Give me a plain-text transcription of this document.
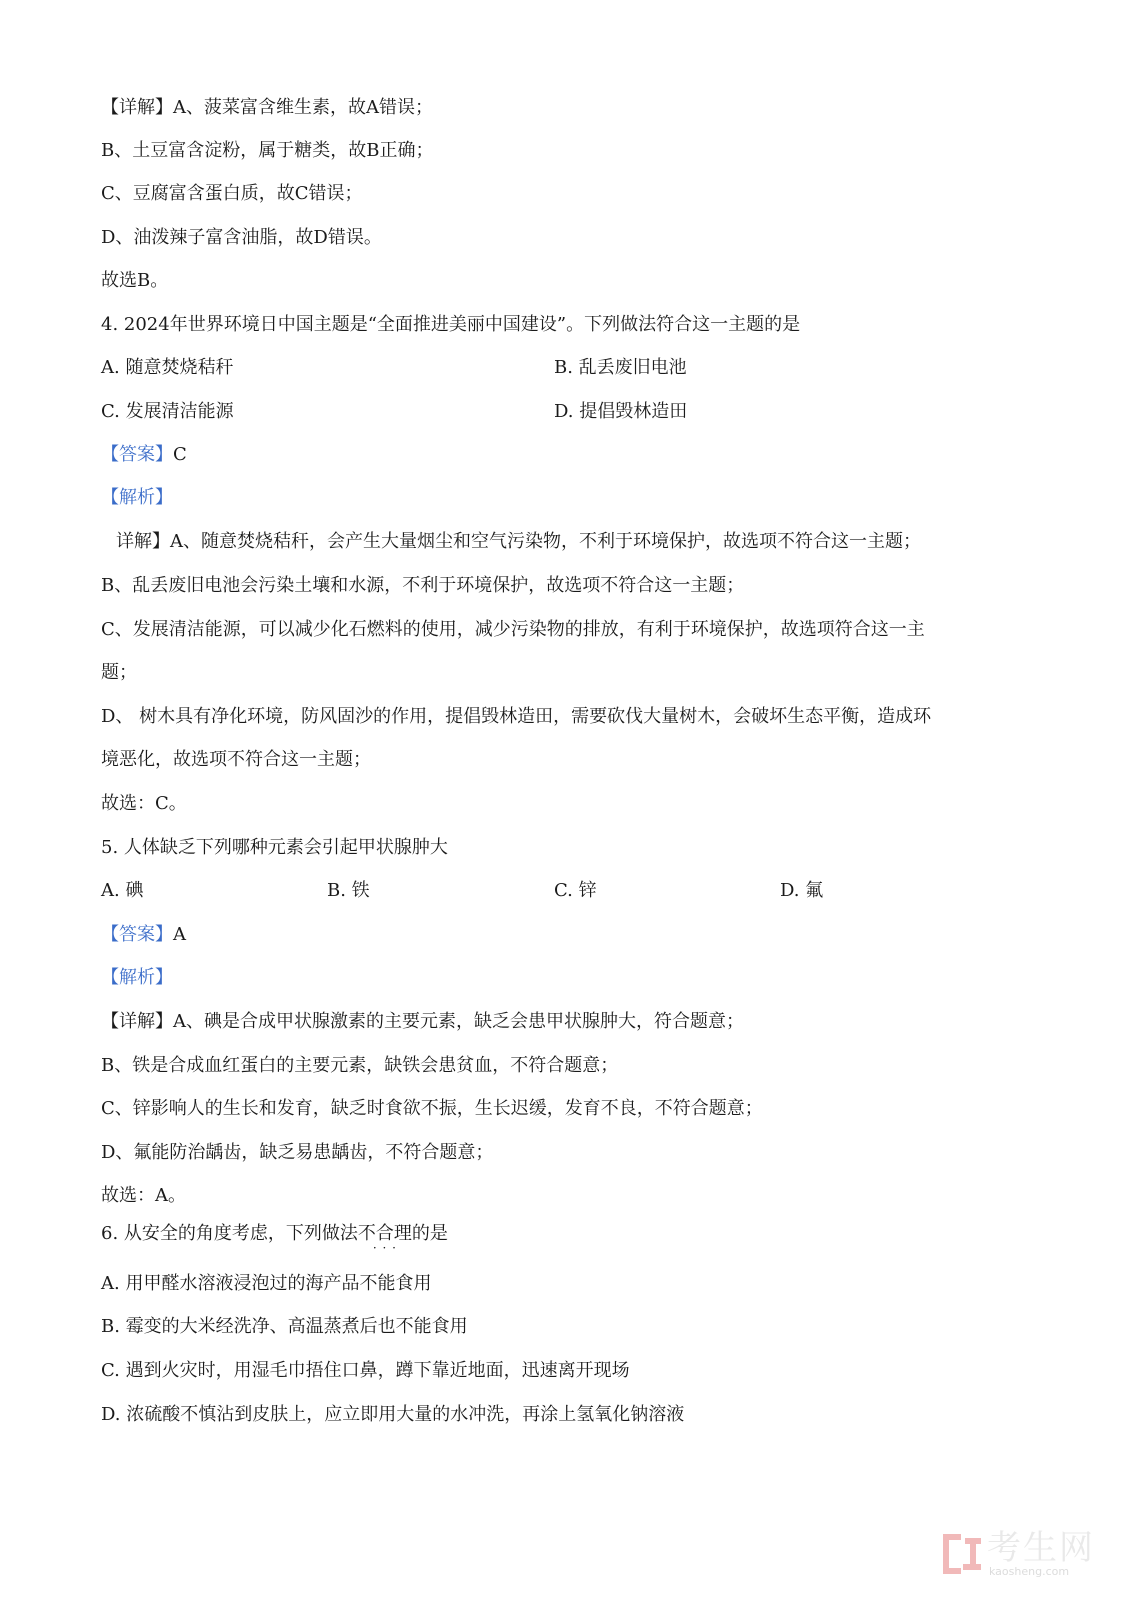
【详解】A、菠菜富含维生素，故A错误；
B、土豆富含淀粉，属于糖类，故B正确；
C、豆腐富含蛋白质，故C错误；
D、油泼辣子富含油脂，故D错误。
故选B。
4. 2024年世界环境日中国主题是“全面推进美丽中国建设”。下列做法符合这一主题的是
A. 随意焚烧秸秆	B. 乱丢废旧电池
C. 发展清洁能源	D. 提倡毁林造田
【答案】C
【解析】
详解】A、随意焚烧秸秆，会产生大量烟尘和空气污染物，不利于环境保护，故选项不符合这一主题；
B、乱丢废旧电池会污染土壤和水源，不利于环境保护，故选项不符合这一主题；
C、发展清洁能源，可以减少化石燃料的使用，减少污染物的排放，有利于环境保护，故选项符合这一主
题；
D、 树木具有净化环境，防风固沙的作用，提倡毁林造田，需要砍伐大量树木，会破坏生态平衡，造成环
境恶化，故选项不符合这一主题；
故选：C。
5. 人体缺乏下列哪种元素会引起甲状腺肿大
A. 碘	B. 铁	C. 锌	D. 氟
【答案】A
【解析】
【详解】A、碘是合成甲状腺激素的主要元素，缺乏会患甲状腺肿大，符合题意；
B、铁是合成血红蛋白的主要元素，缺铁会患贫血，不符合题意；
C、锌影响人的生长和发育，缺乏时食欲不振，生长迟缓，发育不良，不符合题意；
D、氟能防治龋齿，缺乏易患龋齿，不符合题意；
故选：A。
6. 从安全的角度考虑，下列做法不合理 · · ·的是
A. 用甲醛水溶液浸泡过的海产品不能食用
B. 霉变的大米经洗净、高温蒸煮后也不能食用
C. 遇到火灾时，用湿毛巾捂住口鼻，蹲下靠近地面，迅速离开现场
D. 浓硫酸不慎沾到皮肤上，应立即用大量的水冲洗，再涂上氢氧化钠溶液
考生网
kaosheng.com
